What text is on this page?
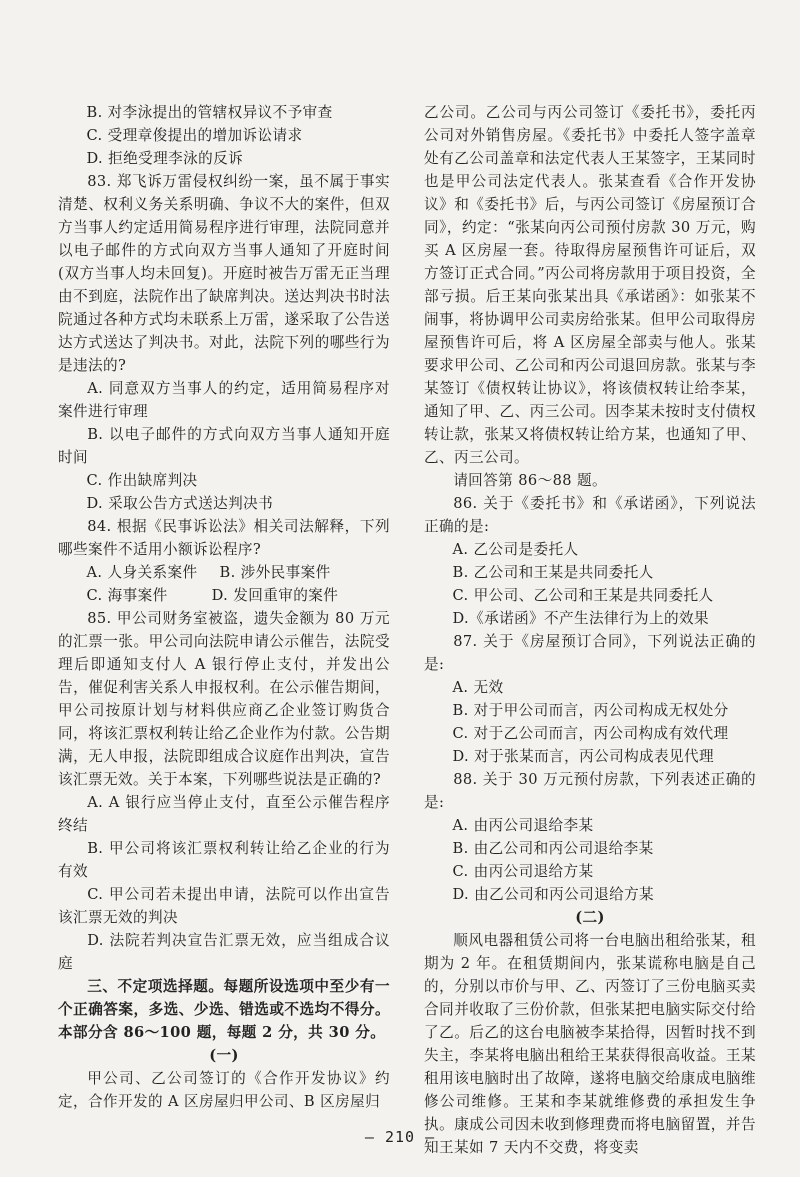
B. 对李泳提出的管辖权异议不予审查

C. 受理章俊提出的增加诉讼请求

D. 拒绝受理李泳的反诉

83. 郑飞诉万雷侵权纠纷一案，虽不属于事实清楚、权利义务关系明确、争议不大的案件，但双方当事人约定适用简易程序进行审理，法院同意并以电子邮件的方式向双方当事人通知了开庭时间(双方当事人均未回复)。开庭时被告万雷无正当理由不到庭，法院作出了缺席判决。送达判决书时法院通过各种方式均未联系上万雷，遂采取了公告送达方式送达了判决书。对此，法院下列的哪些行为是违法的?

A. 同意双方当事人的约定，适用简易程序对案件进行审理

B. 以电子邮件的方式向双方当事人通知开庭时间

C. 作出缺席判决

D. 采取公告方式送达判决书

84. 根据《民事诉讼法》相关司法解释，下列哪些案件不适用小额诉讼程序?

A. 人身关系案件 B. 涉外民事案件

C. 海事案件	D. 发回重审的案件

85. 甲公司财务室被盗，遗失金额为 80 万元的汇票一张。甲公司向法院申请公示催告，法院受理后即通知支付人 A 银行停止支付，并发出公告，催促利害关系人申报权利。在公示催告期间，甲公司按原计划与材料供应商乙企业签订购货合同，将该汇票权利转让给乙企业作为付款。公告期满，无人申报，法院即组成合议庭作出判决，宣告该汇票无效。关于本案，下列哪些说法是正确的?

A. A 银行应当停止支付，直至公示催告程序终结

B. 甲公司将该汇票权利转让给乙企业的行为有效

C. 甲公司若未提出申请，法院可以作出宣告该汇票无效的判决

D. 法院若判决宣告汇票无效，应当组成合议庭

三、不定项选择题。每题所设选项中至少有一个正确答案，多选、少选、错选或不选均不得分。本部分含 86～100 题，每题 2 分，共 30 分。

(一)

甲公司、乙公司签订的《合作开发协议》约定，合作开发的 A 区房屋归甲公司、B 区房屋归

乙公司。乙公司与丙公司签订《委托书》，委托丙公司对外销售房屋。《委托书》中委托人签字盖章处有乙公司盖章和法定代表人王某签字，王某同时也是甲公司法定代表人。张某查看《合作开发协议》和《委托书》后，与丙公司签订《房屋预订合同》，约定：“张某向丙公司预付房款 30 万元，购买 A 区房屋一套。待取得房屋预售许可证后，双方签订正式合同。”丙公司将房款用于项目投资，全部亏损。后王某向张某出具《承诺函》：如张某不闹事，将协调甲公司卖房给张某。但甲公司取得房屋预售许可后，将 A 区房屋全部卖与他人。张某要求甲公司、乙公司和丙公司退回房款。张某与李某签订《债权转让协议》，将该债权转让给李某，通知了甲、乙、丙三公司。因李某未按时支付债权转让款，张某又将债权转让给方某，也通知了甲、乙、丙三公司。

请回答第 86～88 题。

86. 关于《委托书》和《承诺函》，下列说法正确的是:

A. 乙公司是委托人

B. 乙公司和王某是共同委托人

C. 甲公司、乙公司和王某是共同委托人

D.《承诺函》不产生法律行为上的效果

87. 关于《房屋预订合同》，下列说法正确的是:

A. 无效

B. 对于甲公司而言，丙公司构成无权处分

C. 对于乙公司而言，丙公司构成有效代理

D. 对于张某而言，丙公司构成表见代理

88. 关于 30 万元预付房款，下列表述正确的是:

A. 由丙公司退给李某

B. 由乙公司和丙公司退给李某

C. 由丙公司退给方某

D. 由乙公司和丙公司退给方某

(二)

顺风电器租赁公司将一台电脑出租给张某，租期为 2 年。在租赁期间内，张某谎称电脑是自己的，分别以市价与甲、乙、丙签订了三份电脑买卖合同并收取了三份价款，但张某把电脑实际交付给了乙。后乙的这台电脑被李某拾得，因暂时找不到失主，李某将电脑出租给王某获得很高收益。王某租用该电脑时出了故障，遂将电脑交给康成电脑维修公司维修。王某和李某就维修费的承担发生争执。康成公司因未收到修理费而将电脑留置，并告知王某如 7 天内不交费，将变卖

— 210 —
